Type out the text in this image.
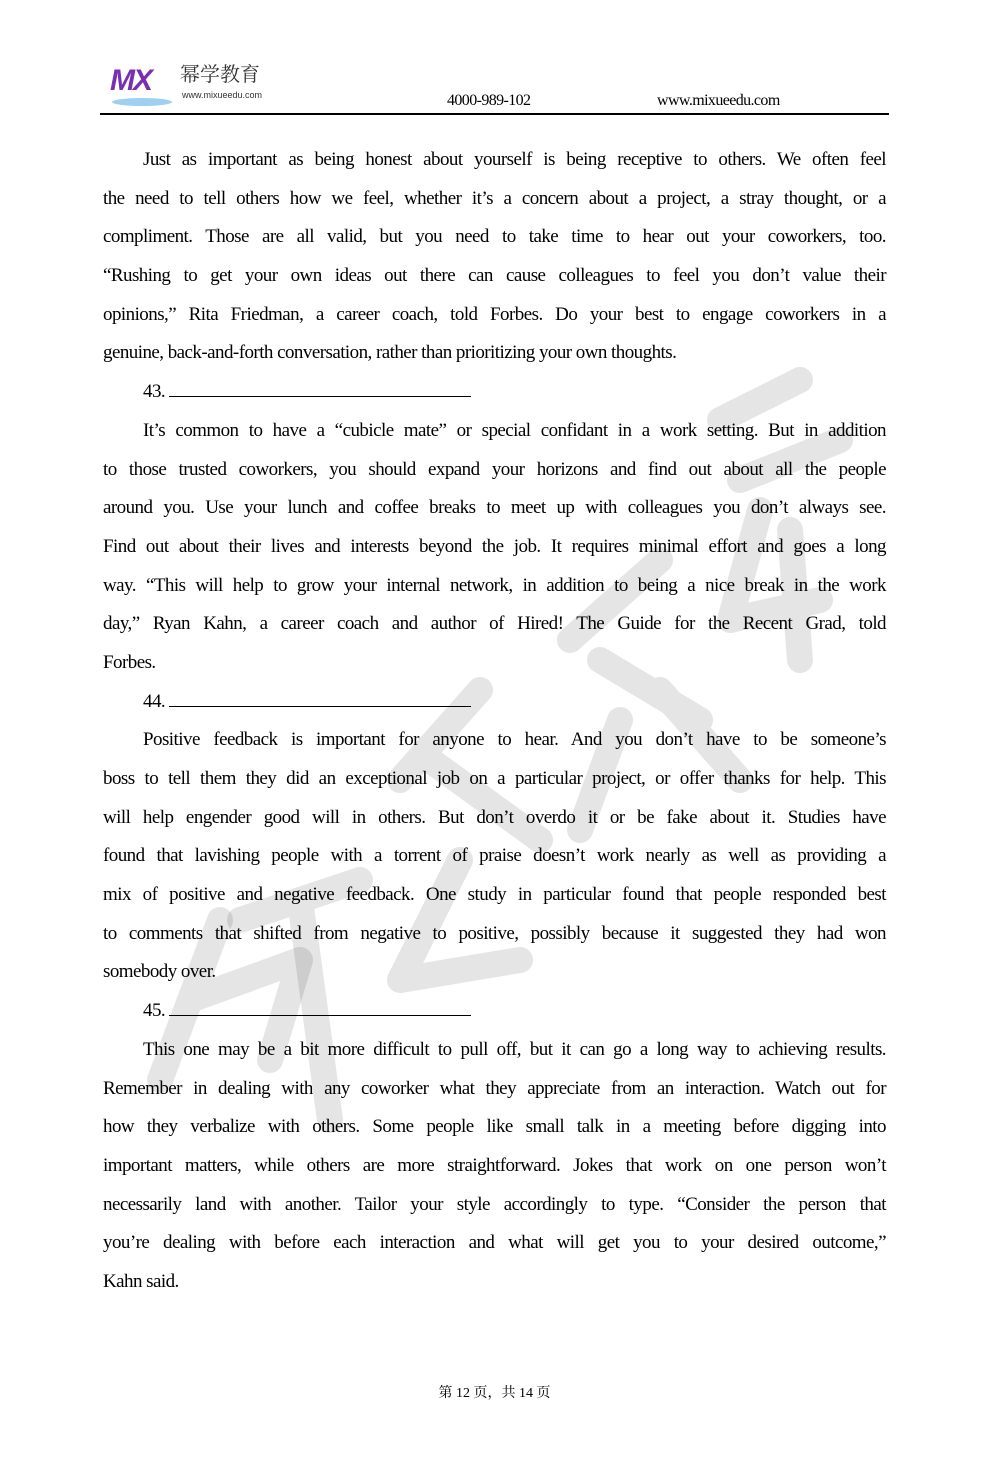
MX 幂学教育
www.mixueedu.com	4000-989-102	www.mixueedu.com
Just as important as being honest about yourself is being receptive to others. We often feel
the need to tell others how we feel, whether it’s a concern about a project, a stray thought, or a
compliment. Those are all valid, but you need to take time to hear out your coworkers, too.
“Rushing to get your own ideas out there can cause colleagues to feel you don’t value their
opinions,” Rita Friedman, a career coach, told Forbes. Do your best to engage coworkers in a
genuine, back-and-forth conversation, rather than prioritizing your own thoughts.
43.
It’s common to have a “cubicle mate” or special confidant in a work setting. But in addition
to those trusted coworkers, you should expand your horizons and find out about all the people
around you. Use your lunch and coffee breaks to meet up with colleagues you don’t always see.
Find out about their lives and interests beyond the job. It requires minimal effort and goes a long
way. “This will help to grow your internal network, in addition to being a nice break in the work
day,” Ryan Kahn, a career coach and author of Hired! The Guide for the Recent Grad, told
Forbes.
44.
Positive feedback is important for anyone to hear. And you don’t have to be someone’s
boss to tell them they did an exceptional job on a particular project, or offer thanks for help. This
will help engender good will in others. But don’t overdo it or be fake about it. Studies have
found that lavishing people with a torrent of praise doesn’t work nearly as well as providing a
mix of positive and negative feedback. One study in particular found that people responded best
to comments that shifted from negative to positive, possibly because it suggested they had won
somebody over.
45.
This one may be a bit more difficult to pull off, but it can go a long way to achieving results.
Remember in dealing with any coworker what they appreciate from an interaction. Watch out for
how they verbalize with others. Some people like small talk in a meeting before digging into
important matters, while others are more straightforward. Jokes that work on one person won’t
necessarily land with another. Tailor your style accordingly to type. “Consider the person that
you’re dealing with before each interaction and what will get you to your desired outcome,”
Kahn said.
第 12 页，共 14 页
